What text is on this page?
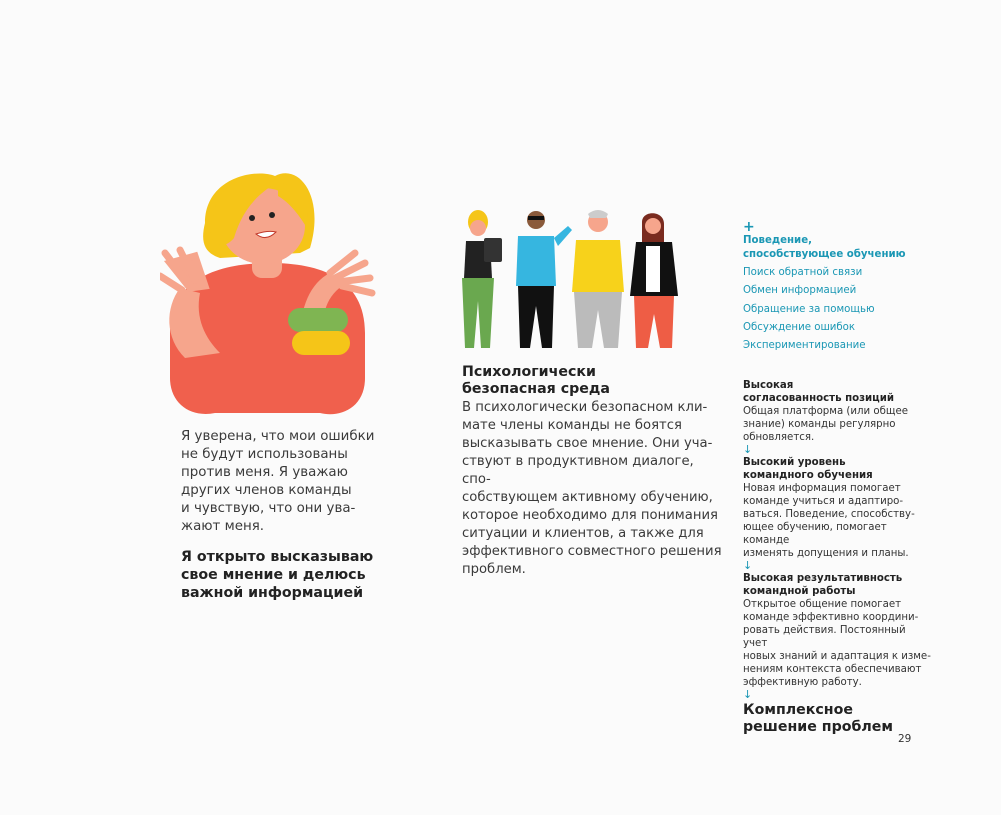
Я уверена, что мои ошибки
не будут использованы
против меня. Я уважаю
других членов команды
и чувствую, что они ува-
жают меня.
Я открыто высказываю
свое мнение и делюсь
важной информацией
Психологически
безопасная среда
В психологически безопасном кли-
мате члены команды не боятся
высказывать свое мнение. Они уча-
ствуют в продуктивном диалоге, спо-
собствующем активному обучению,
которое необходимо для понимания
ситуации и клиентов, а также для
эффективного совместного решения
проблем.
+
Поведение,
способствующее обучению
Поиск обратной связи
Обмен информацией
Обращение за помощью
Обсуждение ошибок
Экспериментирование
Высокая
согласованность позиций
Общая платформа (или общее
знание) команды регулярно
обновляется.
↓
Высокий уровень
командного обучения
Новая информация помогает
команде учиться и адаптиро-
ваться. Поведение, способству-
ющее обучению, помогает команде
изменять допущения и планы.
↓
Высокая результативность
командной работы
Открытое общение помогает
команде эффективно координи-
ровать действия. Постоянный учет
новых знаний и адаптация к изме-
нениям контекста обеспечивают
эффективную работу.
↓
Комплексное
решение проблем
29
